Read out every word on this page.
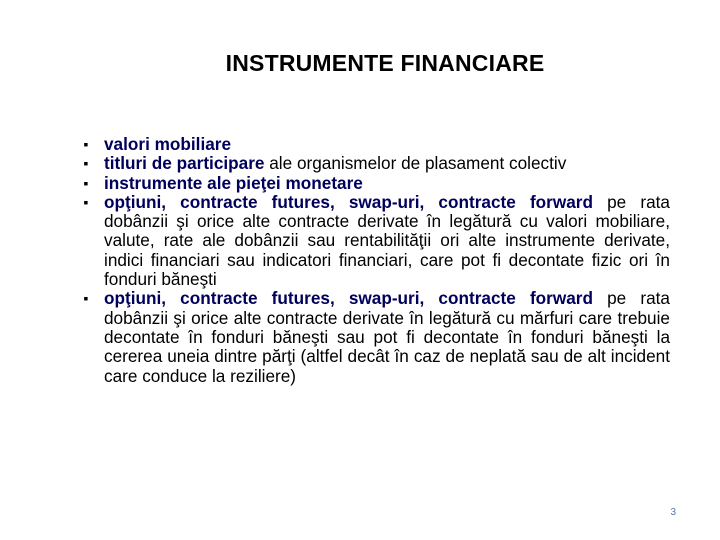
INSTRUMENTE FINANCIARE
▪ valori mobiliare
▪ titluri de participare ale organismelor de plasament colectiv
▪ instrumente ale pieţei monetare
▪ opţiuni, contracte futures, swap-uri, contracte forward pe rata dobânzii şi orice alte contracte derivate în legătură cu valori mobiliare, valute, rate ale dobânzii sau rentabilităţii ori alte instrumente derivate, indici financiari sau indicatori financiari, care pot fi decontate fizic ori în fonduri băneşti
▪ opţiuni, contracte futures, swap-uri, contracte forward pe rata dobânzii şi orice alte contracte derivate în legătură cu mărfuri care trebuie decontate în fonduri băneşti sau pot fi decontate în fonduri băneşti la cererea uneia dintre părţi (altfel decât în caz de neplată sau de alt incident care conduce la reziliere)
3
